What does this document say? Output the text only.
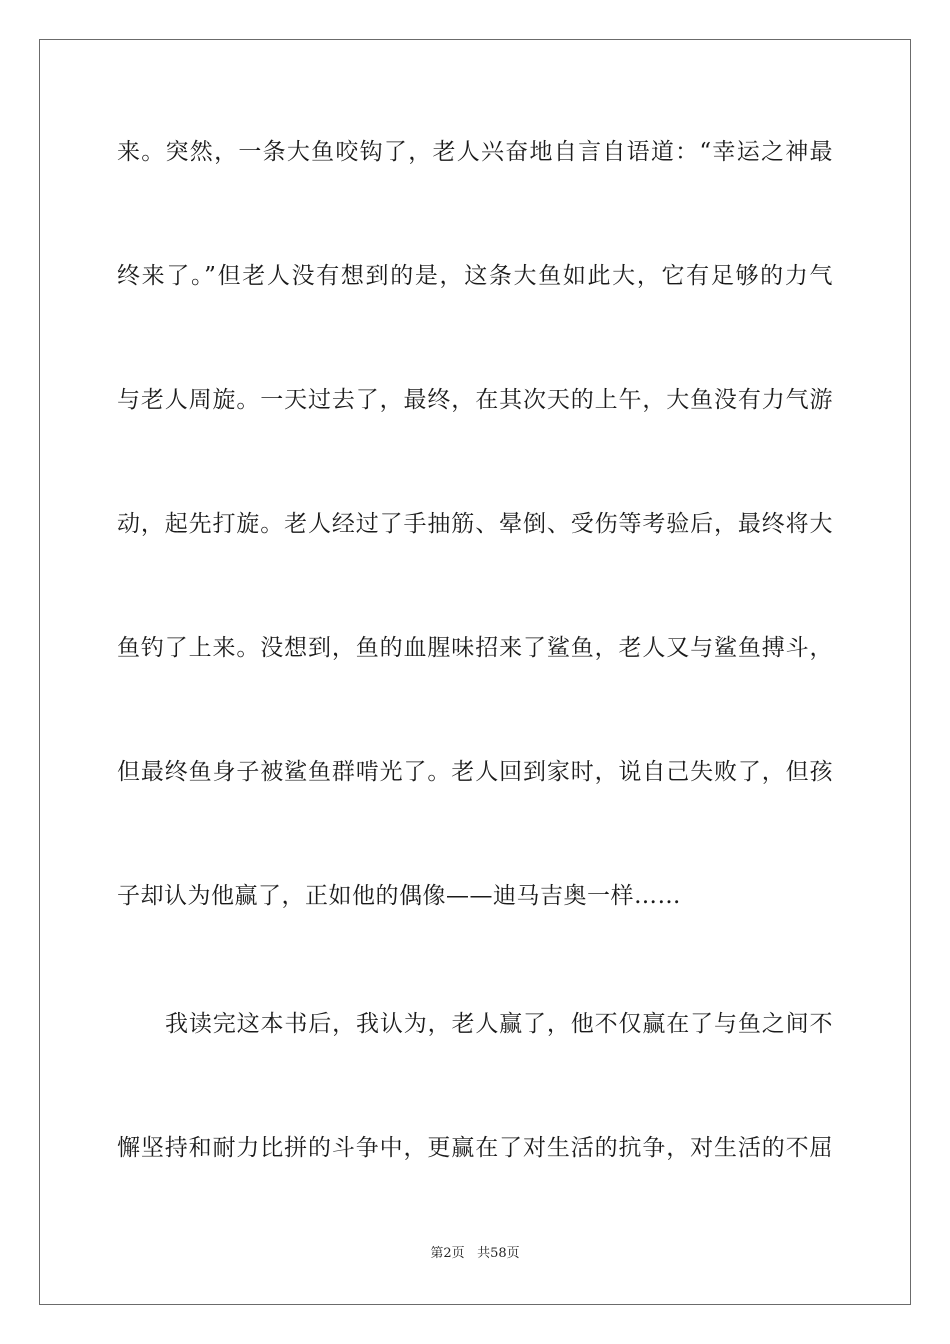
来。突然，一条大鱼咬钩了，老人兴奋地自言自语道：“幸运之神最
终来了。”但老人没有想到的是，这条大鱼如此大，它有足够的力气
与老人周旋。一天过去了，最终，在其次天的上午，大鱼没有力气游
动，起先打旋。老人经过了手抽筋、晕倒、受伤等考验后，最终将大
鱼钓了上来。没想到，鱼的血腥味招来了鲨鱼，老人又与鲨鱼搏斗，
但最终鱼身子被鲨鱼群啃光了。老人回到家时，说自己失败了，但孩
子却认为他赢了，正如他的偶像——迪马吉奥一样……
我读完这本书后，我认为，老人赢了，他不仅赢在了与鱼之间不
懈坚持和耐力比拼的斗争中，更赢在了对生活的抗争，对生活的不屈
第2页 共58页
